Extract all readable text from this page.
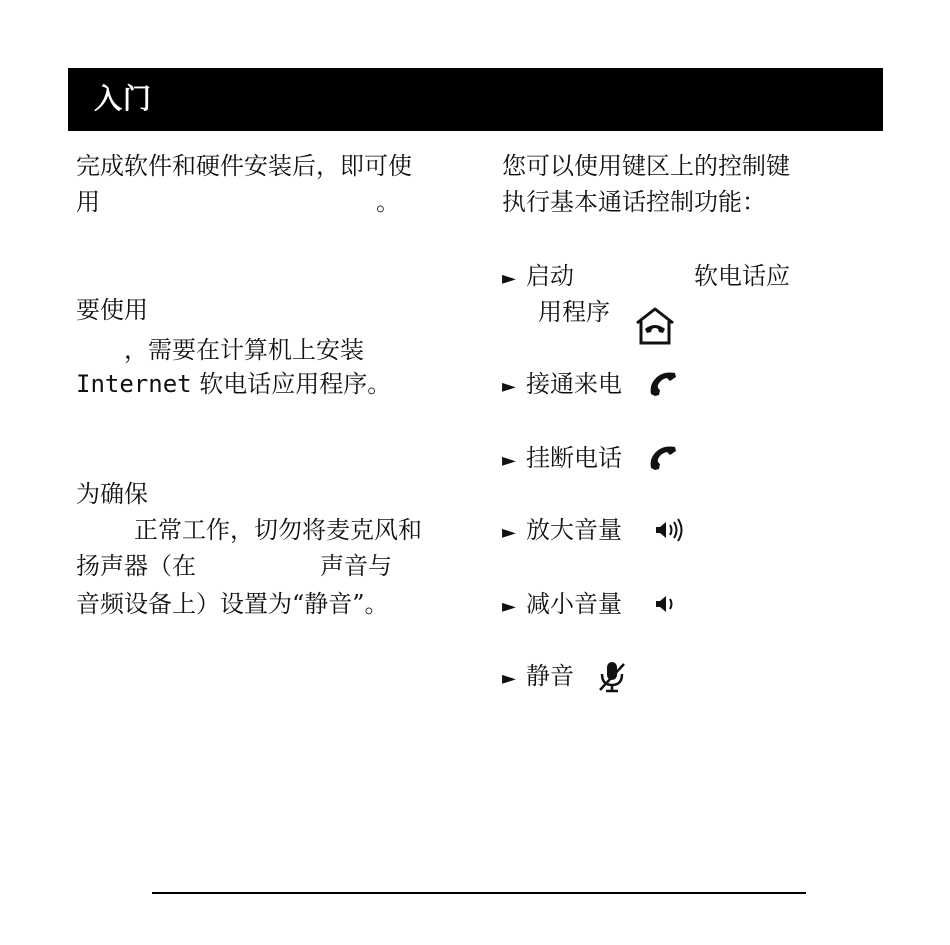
入门

完成软件和硬件安装后，即可使

用	。

要使用

，需要在计算机上安装

Internet 软电话应用程序。

为确保

正常工作，切勿将麦克风和

扬声器（在	声音与

音频设备上）设置为“静音”。

您可以使用键区上的控制键

执行基本通话控制功能：

► 启动	软电话应

用程序

► 接通来电

► 挂断电话

► 放大音量

► 减小音量

► 静音
